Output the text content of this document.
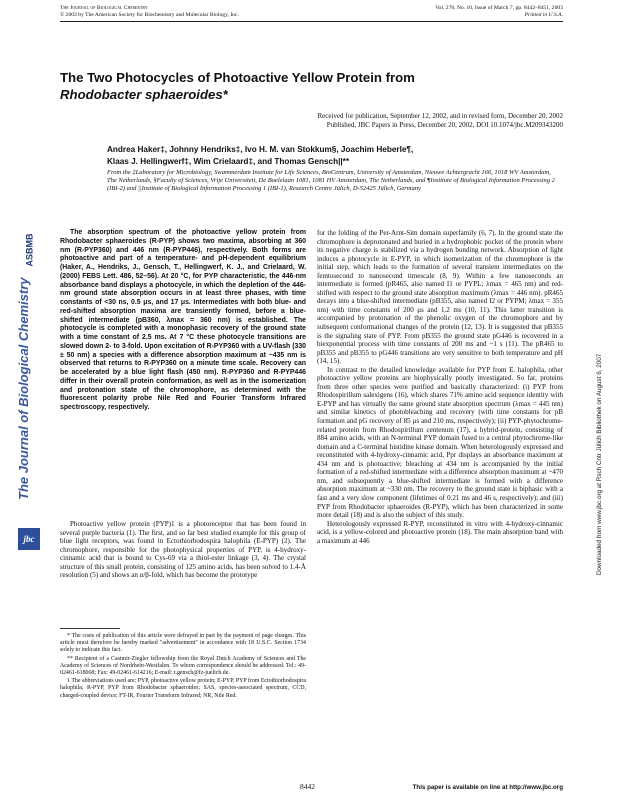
The Journal of Biological Chemistry
© 2003 by The American Society for Biochemistry and Molecular Biology, Inc.
Vol. 278, No. 10, Issue of March 7, pp. 8442–8451, 2003
Printed in U.S.A.
The Two Photocycles of Photoactive Yellow Protein from
Rhodobacter sphaeroides*
Received for publication, September 12, 2002, and in revised form, December 20, 2002
Published, JBC Papers in Press, December 20, 2002, DOI 10.1074/jbc.M209343200
Andrea Haker‡, Johnny Hendriks‡, Ivo H. M. van Stokkum§, Joachim Heberle¶,
Klaas J. Hellingwerf‡, Wim Crielaard‡, and Thomas Gensch||**
From the ‡Laboratory for Microbiology, Swammerdam Institute for Life Sciences, BioCentrum, University of Amsterdam, Nieuwe Achtergracht 166, 1018 WV Amsterdam, The Netherlands, §Faculty of Sciences, Vrije Universiteit, De Boelelaan 1081, 1081 HV Amsterdam, The Netherlands, and ¶Institute of Biological Information Processing 2 (IBI-2) and ||Institute of Biological Information Processing 1 (IBI-1), Research Centre Jülich, D-52425 Jülich, Germany

The absorption spectrum of the photoactive yellow protein from Rhodobacter sphaeroides (R-PYP) shows two maxima, absorbing at 360 nm (R-PYP360) and 446 nm (R-PYP446), respectively. Both forms are photoactive and part of a temperature- and pH-dependent equilibrium (Haker, A., Hendriks, J., Gensch, T., Hellingwerf, K. J., and Crielaard, W. (2000) FEBS Lett. 486, 52–56). At 20 °C, for PYP characteristic, the 446-nm absorbance band displays a photocycle, in which the depletion of the 446-nm ground state absorption occurs in at least three phases, with time constants of <30 ns, 0.5 μs, and 17 μs. Intermediates with both blue- and red-shifted absorption maxima are transiently formed, before a blue-shifted intermediate (pB360, λmax = 360 nm) is established. The photocycle is completed with a monophasic recovery of the ground state with a time constant of 2.5 ms. At 7 °C these photocycle transitions are slowed down 2- to 3-fold. Upon excitation of R-PYP360 with a UV-flash (330 ± 50 nm) a species with a difference absorption maximum at ~435 nm is observed that returns to R-PYP360 on a minute time scale. Recovery can be accelerated by a blue light flash (450 nm). R-PYP360 and R-PYP446 differ in their overall protein conformation, as well as in the isomerization and protonation state of the chromophore, as determined with the fluorescent polarity probe Nile Red and Fourier Transform Infrared spectroscopy, respectively.

Photoactive yellow protein (PYP)1 is a photoreceptor that has been found in several purple bacteria (1). The first, and so far best studied example for this group of blue light receptors, was found in Ectothiorhodospira halophila (E-PYP) (2). The chromophore, responsible for the photophysical properties of PYP, is 4-hydroxy-cinnamic acid that is bound to Cys-69 via a thiol-ester linkage (3, 4). The crystal structure of this small protein, consisting of 125 amino acids, has been solved to 1.4-Å resolution (5) and shows an α/β-fold, which has become the prototype

* The costs of publication of this article were defrayed in part by the payment of page charges. This article must therefore be hereby marked "advertisement" in accordance with 18 U.S.C. Section 1734 solely to indicate this fact.

** Recipient of a Casimir-Ziegler fellowship from the Royal Dutch Academy of Sciences and The Academy of Sciences of Nordrhein-Westfalen. To whom correspondence should be addressed. Tel.: 49-02461-618068; Fax: 49-02461-614216; E-mail: t.gensch@fz-juelich.de.

1 The abbreviations used are: PYP, photoactive yellow protein; E-PYP, PYP from Ectothiorhodospira halophila; R-PYP, PYP from Rhodobacter sphaeroides; SAS, species-associated spectrum, CCD, charged-coupled device; FT-IR, Fourier Transform Infrared; NR, Nile Red.

for the folding of the Per-Arnt-Sim domain superfamily (6, 7). In the ground state the chromophore is deprotonated and buried in a hydrophobic pocket of the protein where its negative charge is stabilized via a hydrogen bonding network. Absorption of light induces a photocycle in E-PYP, in which isomerization of the chromophore is the initial step, which leads to the formation of several transient intermediates on the femtosecond to nanosecond timescale (8, 9). Within a few nanoseconds an intermediate is formed (pR465, also named I1 or PYPL; λmax = 465 nm) and red-shifted with respect to the ground state absorption maximum (λmax = 446 nm). pR465 decays into a blue-shifted intermediate (pB355, also named I2 or PYPM; λmax = 355 nm) with time constants of 200 μs and 1.2 ms (10, 11). This latter transition is accompanied by protonation of the phenolic oxygen of the chromophore and by subsequent conformational changes of the protein (12, 13). It is suggested that pB355 is the signaling state of PYP. From pB355 the ground state pG446 is recovered in a biexponential process with time constants of 200 ms and ~1 s (11). The pR465 to pB355 and pB355 to pG446 transitions are very sensitive to both temperature and pH (14, 15).

In contrast to the detailed knowledge available for PYP from E. halophila, other photoactive yellow proteins are biophysically poorly investigated. So far, proteins from three other species were purified and basically characterized: (i) PYP from Rhodospirillum salexigens (16), which shares 71% amino acid sequence identity with E-PYP and has virtually the same ground state absorption spectrum (λmax = 445 nm) and similar kinetics of photobleaching and recovery (with time constants for pB formation and pG recovery of 85 μs and 210 ms, respectively); (ii) PYP-phytochrome-related protein from Rhodospirillum centenum (17), a hybrid-protein, consisting of 884 amino acids, with an N-terminal PYP domain fused to a central phytochrome-like domain and a C-terminal histidine kinase domain. When heterologously expressed and reconstituted with 4-hydroxy-cinnamic acid, Ppr displays an absorbance maximum at 434 nm and is photoactive; bleaching at 434 nm is accompanied by the initial formation of a red-shifted intermediate with a difference absorption maximum at ~470 nm, and subsequently a blue-shifted intermediate is formed with a difference absorption maximum at ~330 nm. The recovery to the ground state is biphasic with a fast and a very slow component (lifetimes of 0.21 ms and 46 s, respectively); and (iii) PYP from Rhodobacter sphaeroides (R-PYP), which has been characterized in some more detail (18) and is also the subject of this study.

Heterologously expressed R-PYP, reconstituted in vitro with 4-hydroxy-cinnamic acid, is a yellow-colored and photoactive protein (18). The main absorption band with a maximum at 446

8442	This paper is available on line at http://www.jbc.org
ASBMB
The Journal of Biological Chemistry
jbc	Downloaded from www.jbc.org at Rsch Cntr Jülich Bibliothek on August 6, 2007
